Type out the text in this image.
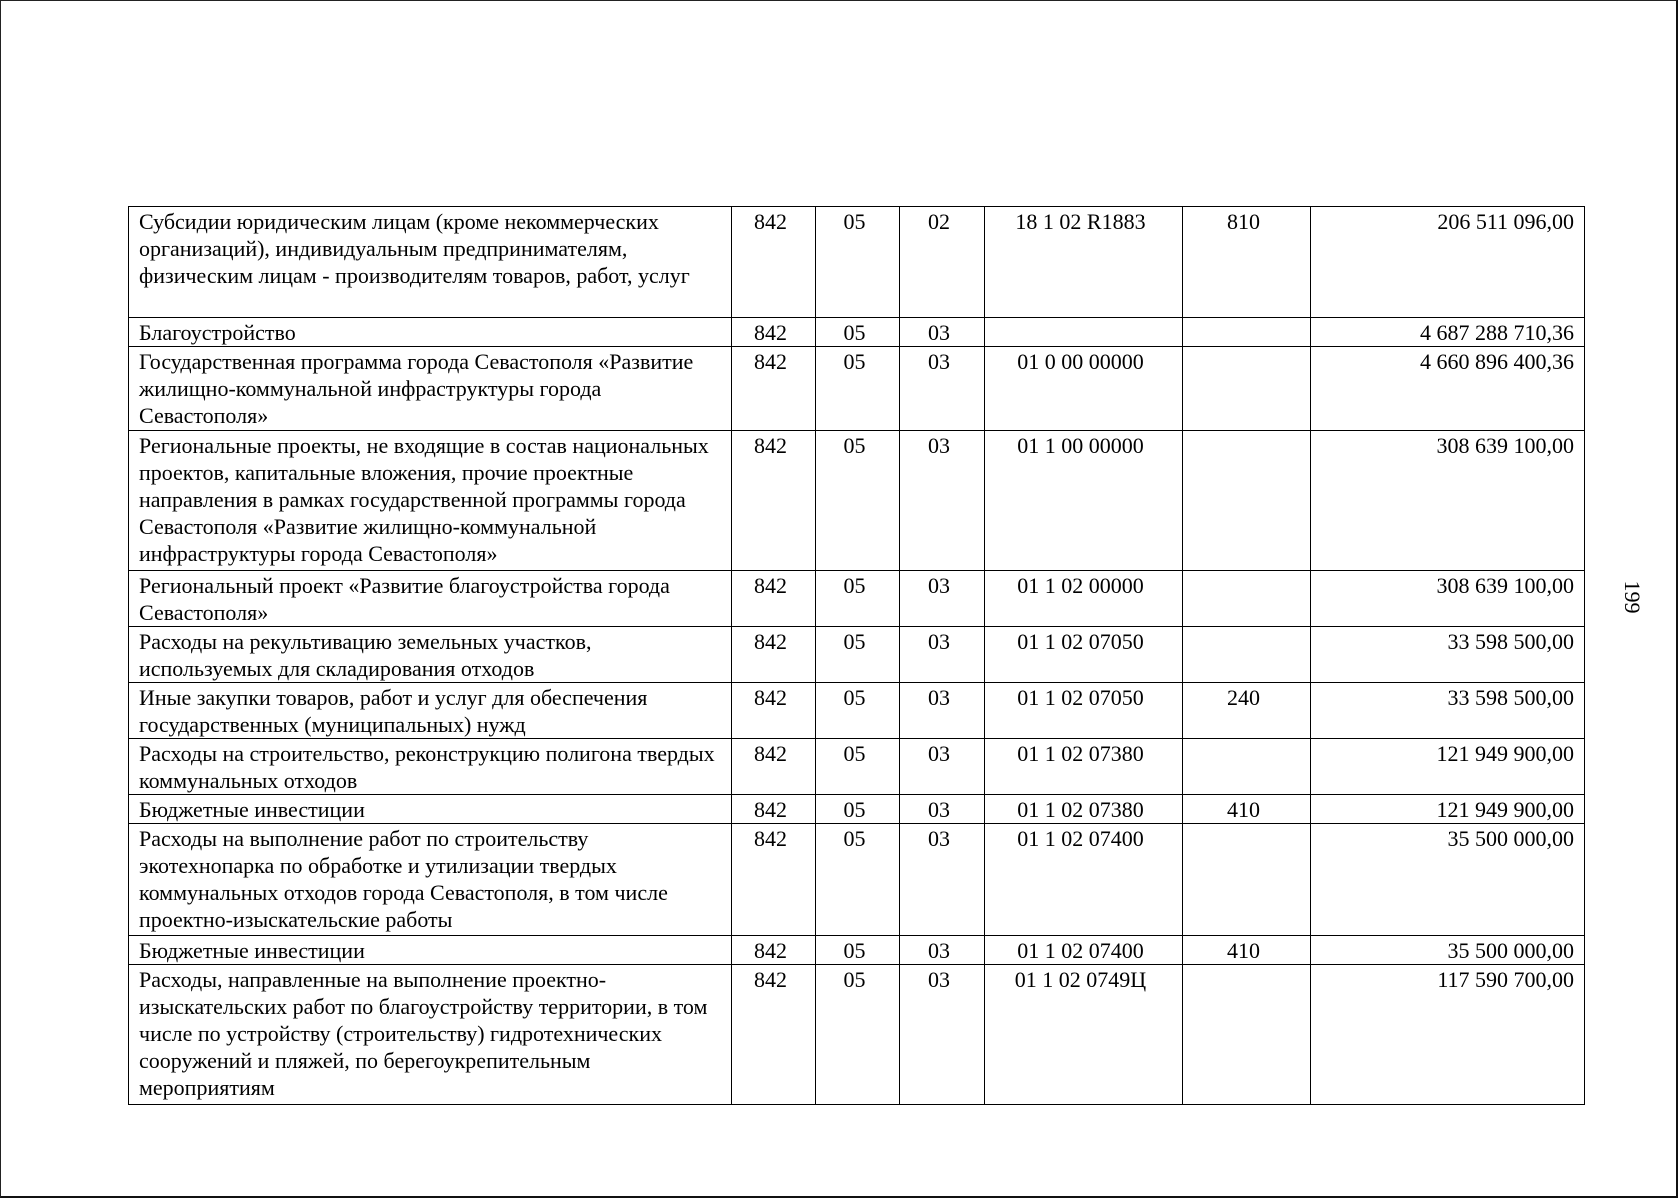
Субсидии юридическим лицам (кроме некоммерческих организаций), индивидуальным предпринимателям, физическим лицам - производителям товаров, работ, услуг	842	05	02	18 1 02 R1883	810	206 511 096,00
Благоустройство	842	05	03			4 687 288 710,36
Государственная программа города Севастополя «Развитие жилищно-коммунальной инфраструктуры города Севастополя»	842	05	03	01 0 00 00000		4 660 896 400,36
Региональные проекты, не входящие в состав национальных проектов, капитальные вложения, прочие проектные направления в рамках государственной программы города Севастополя «Развитие жилищно-коммунальной инфраструктуры города Севастополя»	842	05	03	01 1 00 00000		308 639 100,00
Региональный проект «Развитие благоустройства города Севастополя»	842	05	03	01 1 02 00000		308 639 100,00
Расходы на рекультивацию земельных участков, используемых для складирования отходов	842	05	03	01 1 02 07050		33 598 500,00
Иные закупки товаров, работ и услуг для обеспечения государственных (муниципальных) нужд	842	05	03	01 1 02 07050	240	33 598 500,00
Расходы на строительство, реконструкцию полигона твердых коммунальных отходов	842	05	03	01 1 02 07380		121 949 900,00
Бюджетные инвестиции	842	05	03	01 1 02 07380	410	121 949 900,00
Расходы на выполнение работ по строительству экотехнопарка по обработке и утилизации твердых коммунальных отходов города Севастополя, в том числе проектно-изыскательские работы	842	05	03	01 1 02 07400		35 500 000,00
Бюджетные инвестиции	842	05	03	01 1 02 07400	410	35 500 000,00
Расходы, направленные на выполнение проектно-изыскательских работ по благоустройству территории, в том числе по устройству (строительству) гидротехнических сооружений и пляжей, по берегоукрепительным мероприятиям	842	05	03	01 1 02 0749Ц		117 590 700,00
199
